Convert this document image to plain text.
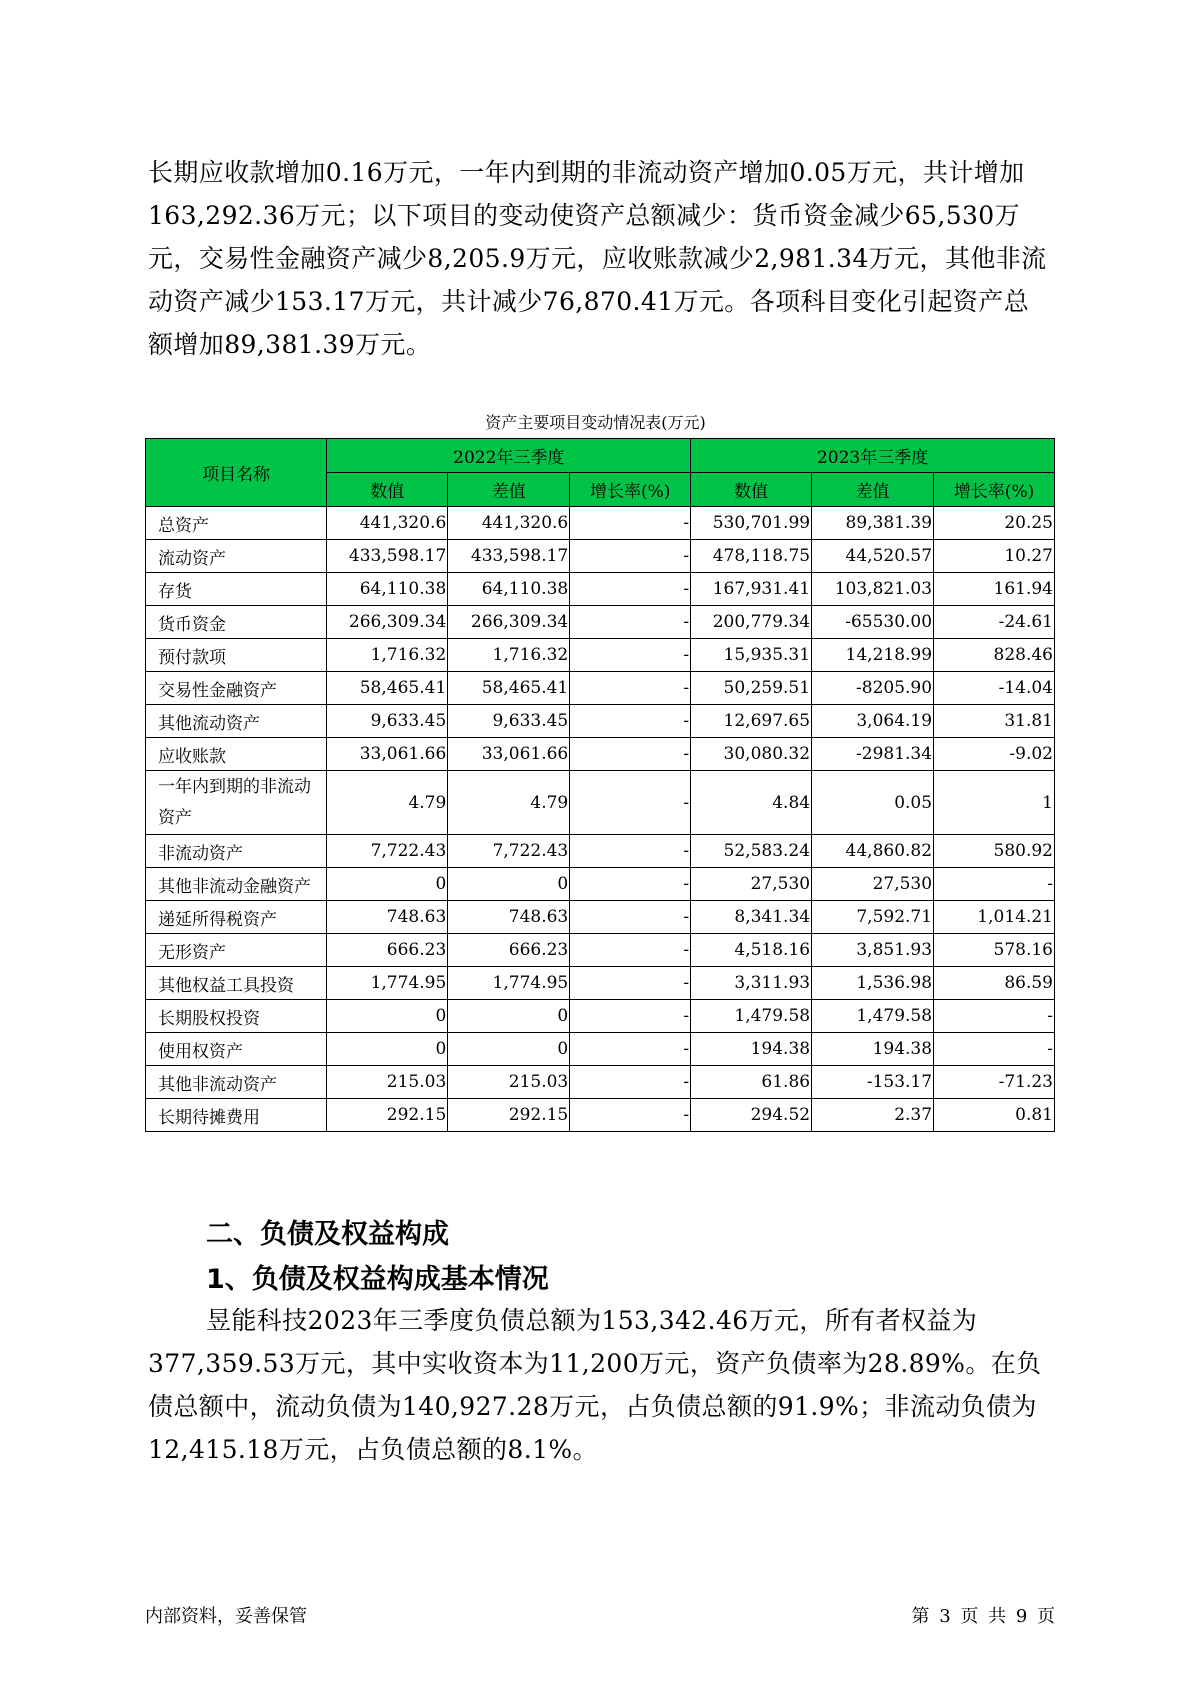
长期应收款增加0.16万元，一年内到期的非流动资产增加0.05万元，共计增加163,292.36万元；以下项目的变动使资产总额减少：货币资金减少65,530万元，交易性金融资产减少8,205.9万元，应收账款减少2,981.34万元，其他非流动资产减少153.17万元，共计减少76,870.41万元。各项科目变化引起资产总额增加89,381.39万元。

资产主要项目变动情况表(万元)
项目名称	2022年三季度			2023年三季度		
	数值	差值	增长率(%)	数值	差值	增长率(%)
总资产	441,320.6	441,320.6	-	530,701.99	89,381.39	20.25
流动资产	433,598.17	433,598.17	-	478,118.75	44,520.57	10.27
存货	64,110.38	64,110.38	-	167,931.41	103,821.03	161.94
货币资金	266,309.34	266,309.34	-	200,779.34	-65530.00	-24.61
预付款项	1,716.32	1,716.32	-	15,935.31	14,218.99	828.46
交易性金融资产	58,465.41	58,465.41	-	50,259.51	-8205.90	-14.04
其他流动资产	9,633.45	9,633.45	-	12,697.65	3,064.19	31.81
应收账款	33,061.66	33,061.66	-	30,080.32	-2981.34	-9.02
一年内到期的非流动资产	4.79	4.79	-	4.84	0.05	1
非流动资产	7,722.43	7,722.43	-	52,583.24	44,860.82	580.92
其他非流动金融资产	0	0	-	27,530	27,530	-
递延所得税资产	748.63	748.63	-	8,341.34	7,592.71	1,014.21
无形资产	666.23	666.23	-	4,518.16	3,851.93	578.16
其他权益工具投资	1,774.95	1,774.95	-	3,311.93	1,536.98	86.59
长期股权投资	0	0	-	1,479.58	1,479.58	-
使用权资产	0	0	-	194.38	194.38	-
其他非流动资产	215.03	215.03	-	61.86	-153.17	-71.23
长期待摊费用	292.15	292.15	-	294.52	2.37	0.81
二、负债及权益构成
1、负债及权益构成基本情况

昱能科技2023年三季度负债总额为153,342.46万元，所有者权益为377,359.53万元，其中实收资本为11,200万元，资产负债率为28.89%。在负债总额中，流动负债为140,927.28万元，占负债总额的91.9%；非流动负债为12,415.18万元，占负债总额的8.1%。

内部资料，妥善保管	第 3 页 共 9 页
